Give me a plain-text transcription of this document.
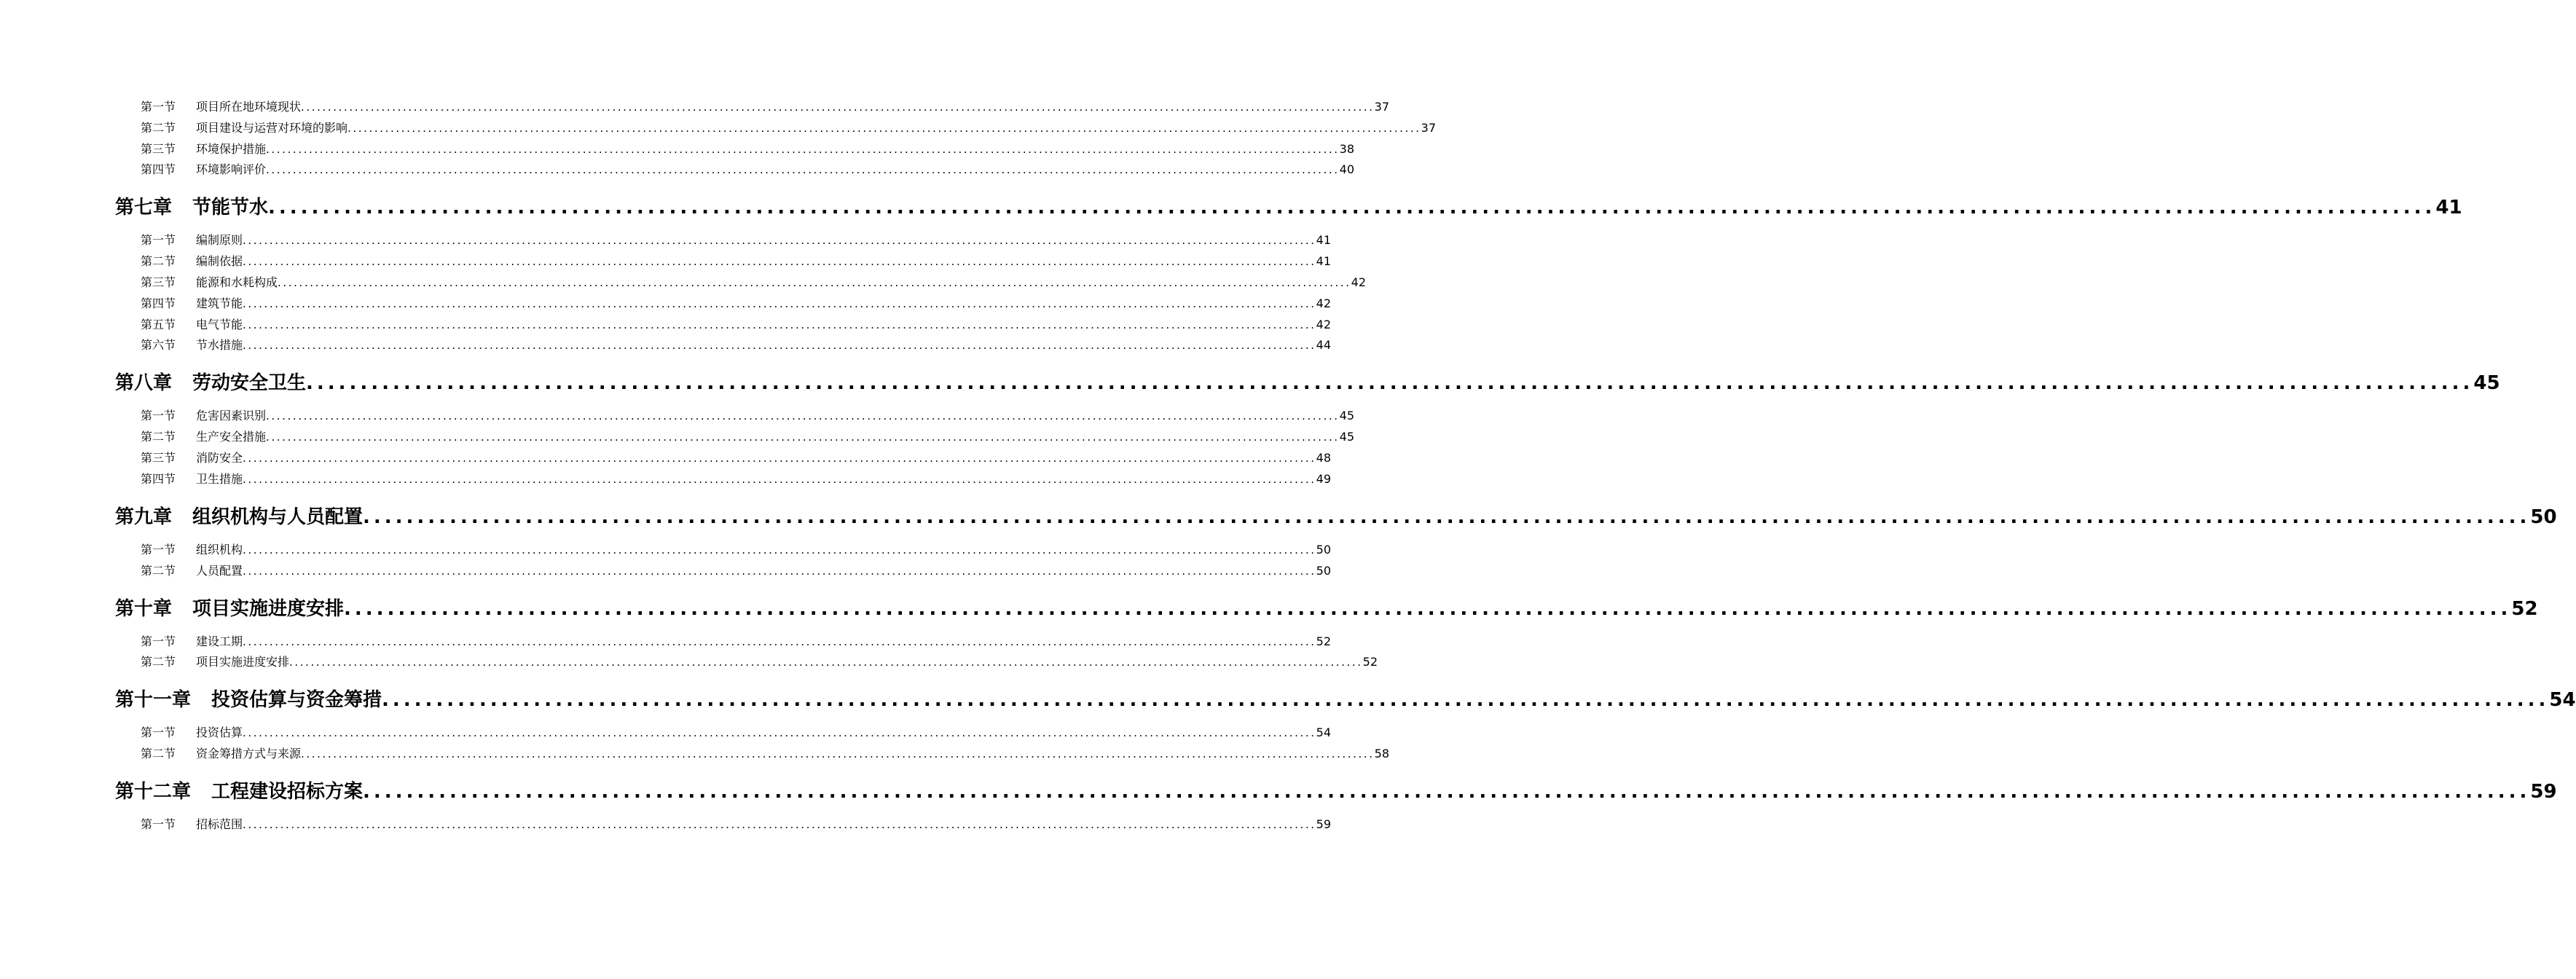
第一节	项目所在地环境现状 ........................................................................................................................................................................................................ 37
第二节	项目建设与运营对环境的影响 ........................................................................................................................................................................................................ 37
第三节	环境保护措施 ........................................................................................................................................................................................................ 38
第四节	环境影响评价 ........................................................................................................................................................................................................ 40
第七章 节能节水 ........................................................................................................................................................................................................ 41
第一节	编制原则 ........................................................................................................................................................................................................ 41
第二节	编制依据 ........................................................................................................................................................................................................ 41
第三节	能源和水耗构成 ........................................................................................................................................................................................................ 42
第四节	建筑节能 ........................................................................................................................................................................................................ 42
第五节	电气节能 ........................................................................................................................................................................................................ 42
第六节	节水措施 ........................................................................................................................................................................................................ 44
第八章 劳动安全卫生 ........................................................................................................................................................................................................ 45
第一节	危害因素识别 ........................................................................................................................................................................................................ 45
第二节	生产安全措施 ........................................................................................................................................................................................................ 45
第三节	消防安全 ........................................................................................................................................................................................................ 48
第四节	卫生措施 ........................................................................................................................................................................................................ 49
第九章 组织机构与人员配置 ........................................................................................................................................................................................................ 50
第一节	组织机构 ........................................................................................................................................................................................................ 50
第二节	人员配置 ........................................................................................................................................................................................................ 50
第十章 项目实施进度安排 ........................................................................................................................................................................................................ 52
第一节	建设工期 ........................................................................................................................................................................................................ 52
第二节	项目实施进度安排 ........................................................................................................................................................................................................ 52
第十一章 投资估算与资金筹措 ........................................................................................................................................................................................................ 54
第一节	投资估算 ........................................................................................................................................................................................................ 54
第二节	资金筹措方式与来源 ........................................................................................................................................................................................................ 58
第十二章 工程建设招标方案 ........................................................................................................................................................................................................ 59
第一节	招标范围 ........................................................................................................................................................................................................ 59
